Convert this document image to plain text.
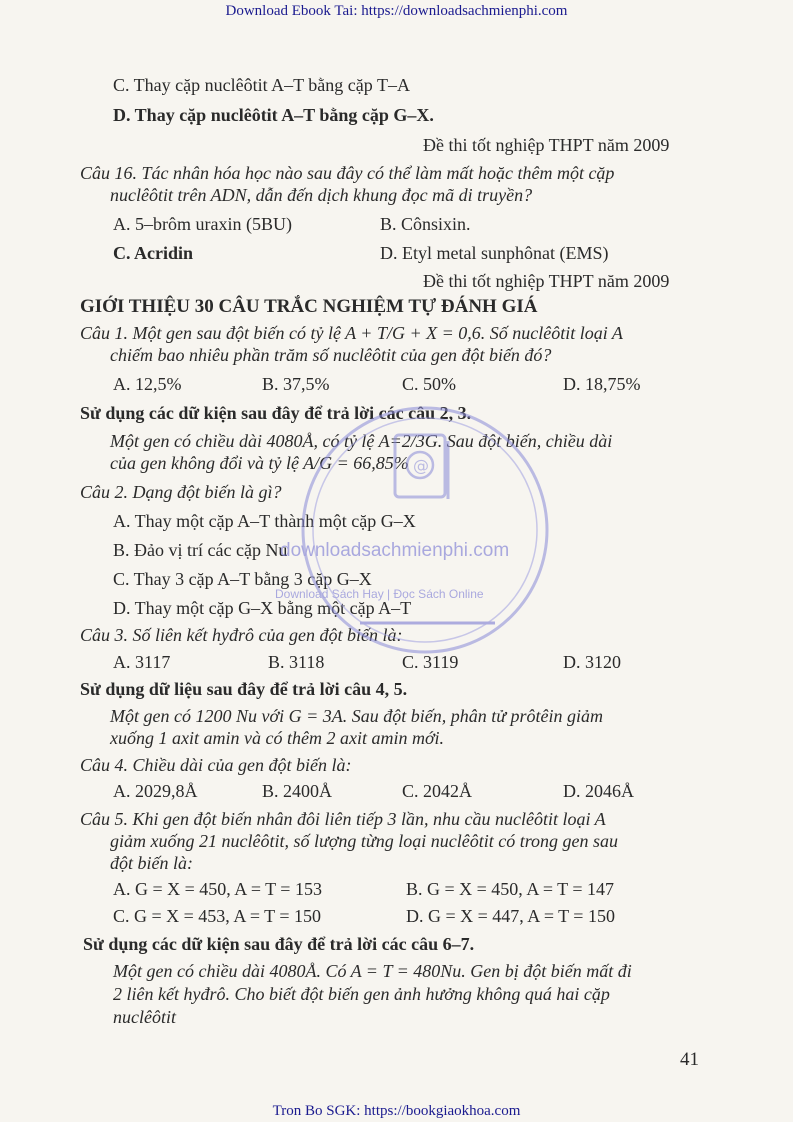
Download Ebook Tai: https://downloadsachmienphi.com
C. Thay cặp nuclêôtit A–T bằng cặp T–A
D. Thay cặp nuclêôtit A–T bằng cặp G–X.
Đề thi tốt nghiệp THPT năm 2009
Câu 16. Tác nhân hóa học nào sau đây có thể làm mất hoặc thêm một cặp
nuclêôtit trên ADN, dẫn đến dịch khung đọc mã di truyền?
A. 5–brôm uraxin (5BU)	B. Cônsixin.
C. Acridin	D. Etyl metal sunphônat (EMS)
Đề thi tốt nghiệp THPT năm 2009
GIỚI THIỆU 30 CÂU TRẮC NGHIỆM TỰ ĐÁNH GIÁ
Câu 1. Một gen sau đột biến có tỷ lệ A + T/G + X = 0,6. Số nuclêôtit loại A
chiếm bao nhiêu phần trăm số nuclêôtit của gen đột biến đó?
A. 12,5%	B. 37,5%	C. 50%	D. 18,75%
Sử dụng các dữ kiện sau đây để trả lời các câu 2, 3.
Một gen có chiều dài 4080Å, có tỷ lệ A=2/3G. Sau đột biến, chiều dài
của gen không đổi và tỷ lệ A/G = 66,85%
Câu 2. Dạng đột biến là gì?
A. Thay một cặp A–T thành một cặp G–X
B. Đảo vị trí các cặp Nu
C. Thay 3 cặp A–T bằng 3 cặp G–X
D. Thay một cặp G–X bằng một cặp A–T
Câu 3. Số liên kết hyđrô của gen đột biến là:
A. 3117	B. 3118	C. 3119	D. 3120
Sử dụng dữ liệu sau đây để trả lời câu 4, 5.
Một gen có 1200 Nu với G = 3A. Sau đột biến, phân tử prôtêin giảm
xuống 1 axit amin và có thêm 2 axit amin mới.
Câu 4. Chiều dài của gen đột biến là:
A. 2029,8Å	B. 2400Å	C. 2042Å	D. 2046Å
Câu 5. Khi gen đột biến nhân đôi liên tiếp 3 lần, nhu cầu nuclêôtit loại A
giảm xuống 21 nuclêôtit, số lượng từng loại nuclêôtit có trong gen sau
đột biến là:
A. G = X = 450, A = T = 153	B. G = X = 450, A = T = 147
C. G = X = 453, A = T = 150	D. G = X = 447, A = T = 150
Sử dụng các dữ kiện sau đây để trả lời các câu 6–7.
Một gen có chiều dài 4080Å. Có A = T = 480Nu. Gen bị đột biến mất đi
2 liên kết hyđrô. Cho biết đột biến gen ảnh hưởng không quá hai cặp
nuclêôtit
41
Tron Bo SGK: https://bookgiaokhoa.com
@
downloadsachmienphi.com
Download Sách Hay | Đọc Sách Online
